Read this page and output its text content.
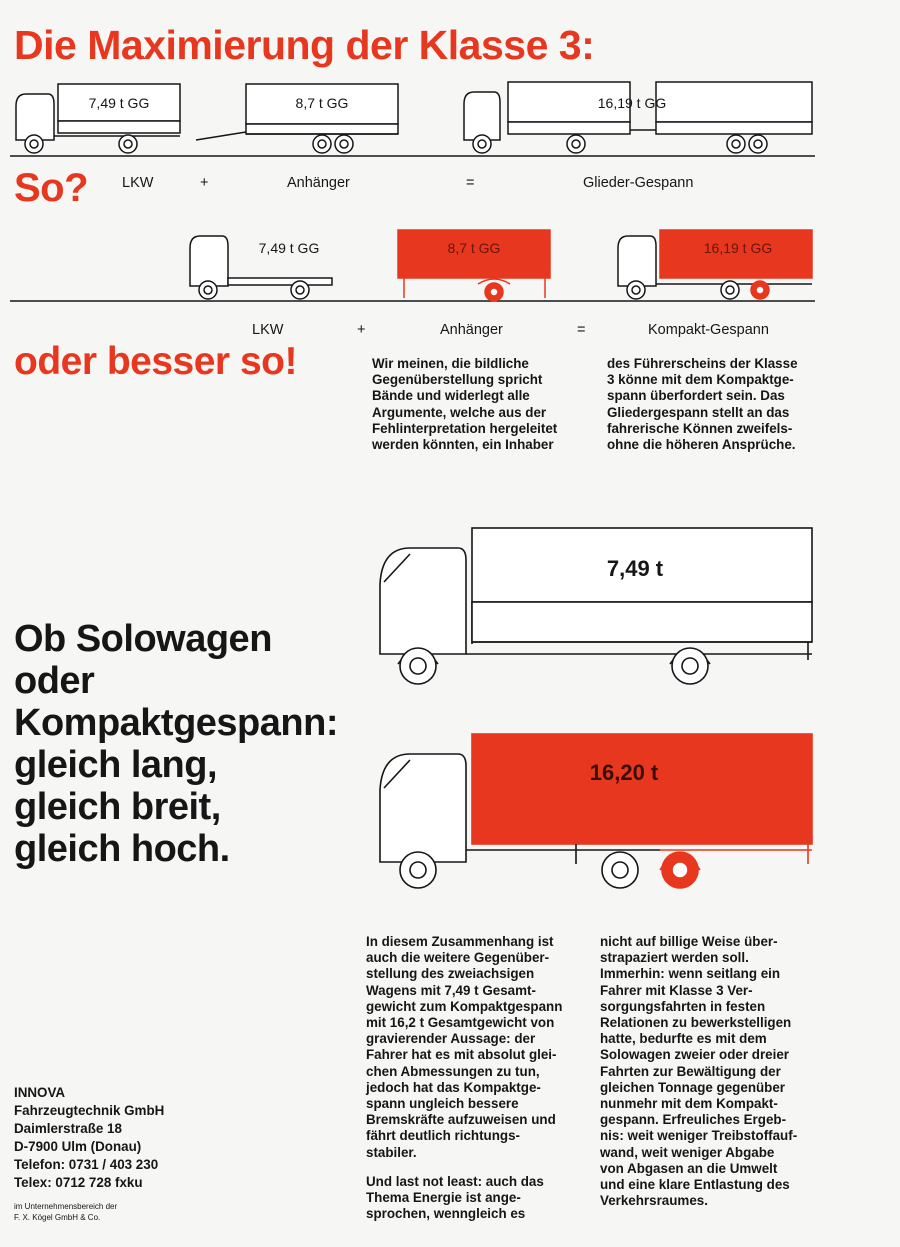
Die Maximierung der Klasse 3:
7,49 t GG	8,7 t GG	16,19 t GG
So? LKW	+	Anhänger	=	Glieder-Gespann
7,49 t GG	8,7 t GG	16,19 t GG
LKW	+	Anhänger	=	Kompakt-Gespann
oder besser so!	Wir meinen, die bildliche
Gegenüberstellung spricht
Bände und widerlegt alle
Argumente, welche aus der
Fehlinterpretation hergeleitet
werden könnten, ein Inhaber
des Führerscheins der Klasse
3 könne mit dem Kompaktge-
spann überfordert sein. Das
Gliedergespann stellt an das
fahrerische Können zweifels-
ohne die höheren Ansprüche.
7,49 t
16,20 t
Ob Solowagen
oder
Kompaktgespann:
gleich lang,
gleich breit,
gleich hoch.
In diesem Zusammenhang ist
auch die weitere Gegenüber-
stellung des zweiachsigen
Wagens mit 7,49 t Gesamt-
gewicht zum Kompaktgespann
mit 16,2 t Gesamtgewicht von
gravierender Aussage: der
Fahrer hat es mit absolut glei-
chen Abmessungen zu tun,
jedoch hat das Kompaktge-
spann ungleich bessere
Bremskräfte aufzuweisen und
fährt deutlich richtungs-
stabiler.
Und last not least: auch das
Thema Energie ist ange-
sprochen, wenngleich es
nicht auf billige Weise über-
strapaziert werden soll.
Immerhin: wenn seitlang ein
Fahrer mit Klasse 3 Ver-
sorgungsfahrten in festen
Relationen zu bewerkstelligen
hatte, bedurfte es mit dem
Solowagen zweier oder dreier
Fahrten zur Bewältigung der
gleichen Tonnage gegenüber
nunmehr mit dem Kompakt-
gespann. Erfreuliches Ergeb-
nis: weit weniger Treibstoffauf-
wand, weit weniger Abgabe
von Abgasen an die Umwelt
und eine klare Entlastung des
Verkehrsraumes.
INNOVA
Fahrzeugtechnik GmbH
Daimlerstraße 18
D-7900 Ulm (Donau)
Telefon: 0731 / 403 230
Telex: 0712 728 fxku
im Unternehmensbereich der
F. X. Kögel GmbH & Co.
